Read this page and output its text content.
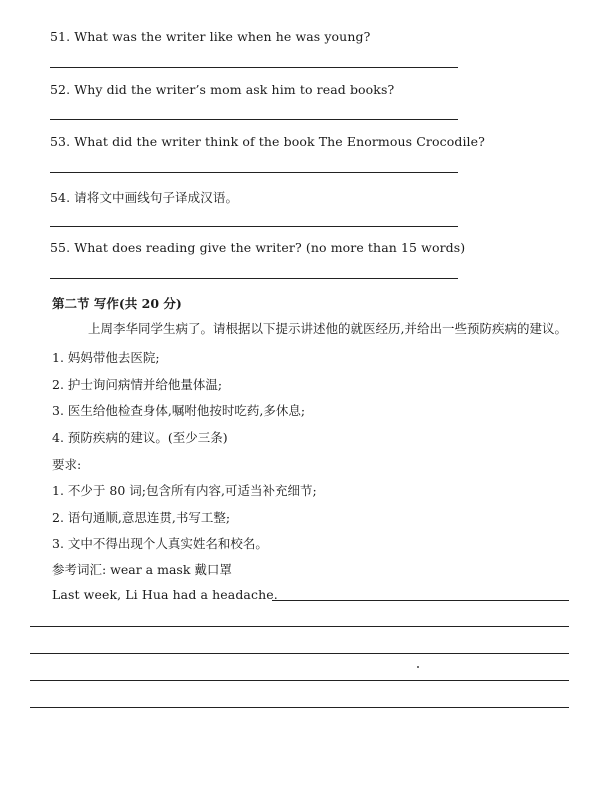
51. What was the writer like when he was young?
52. Why did the writer’s mom ask him to read books?
53. What did the writer think of the book The Enormous Crocodile?
54. 请将文中画线句子译成汉语。
55. What does reading give the writer? (no more than 15 words)
第二节 写作(共 20 分)
上周李华同学生病了。请根据以下提示讲述他的就医经历,并给出一些预防疾病的建议。
1. 妈妈带他去医院;
2. 护士询问病情并给他量体温;
3. 医生给他检查身体,嘱咐他按时吃药,多休息;
4. 预防疾病的建议。(至少三条)
要求:
1. 不少于 80 词;包含所有内容,可适当补充细节;
2. 语句通顺,意思连贯,书写工整;
3. 文中不得出现个人真实姓名和校名。
参考词汇: wear a mask 戴口罩
Last week, Li Hua had a headache.
